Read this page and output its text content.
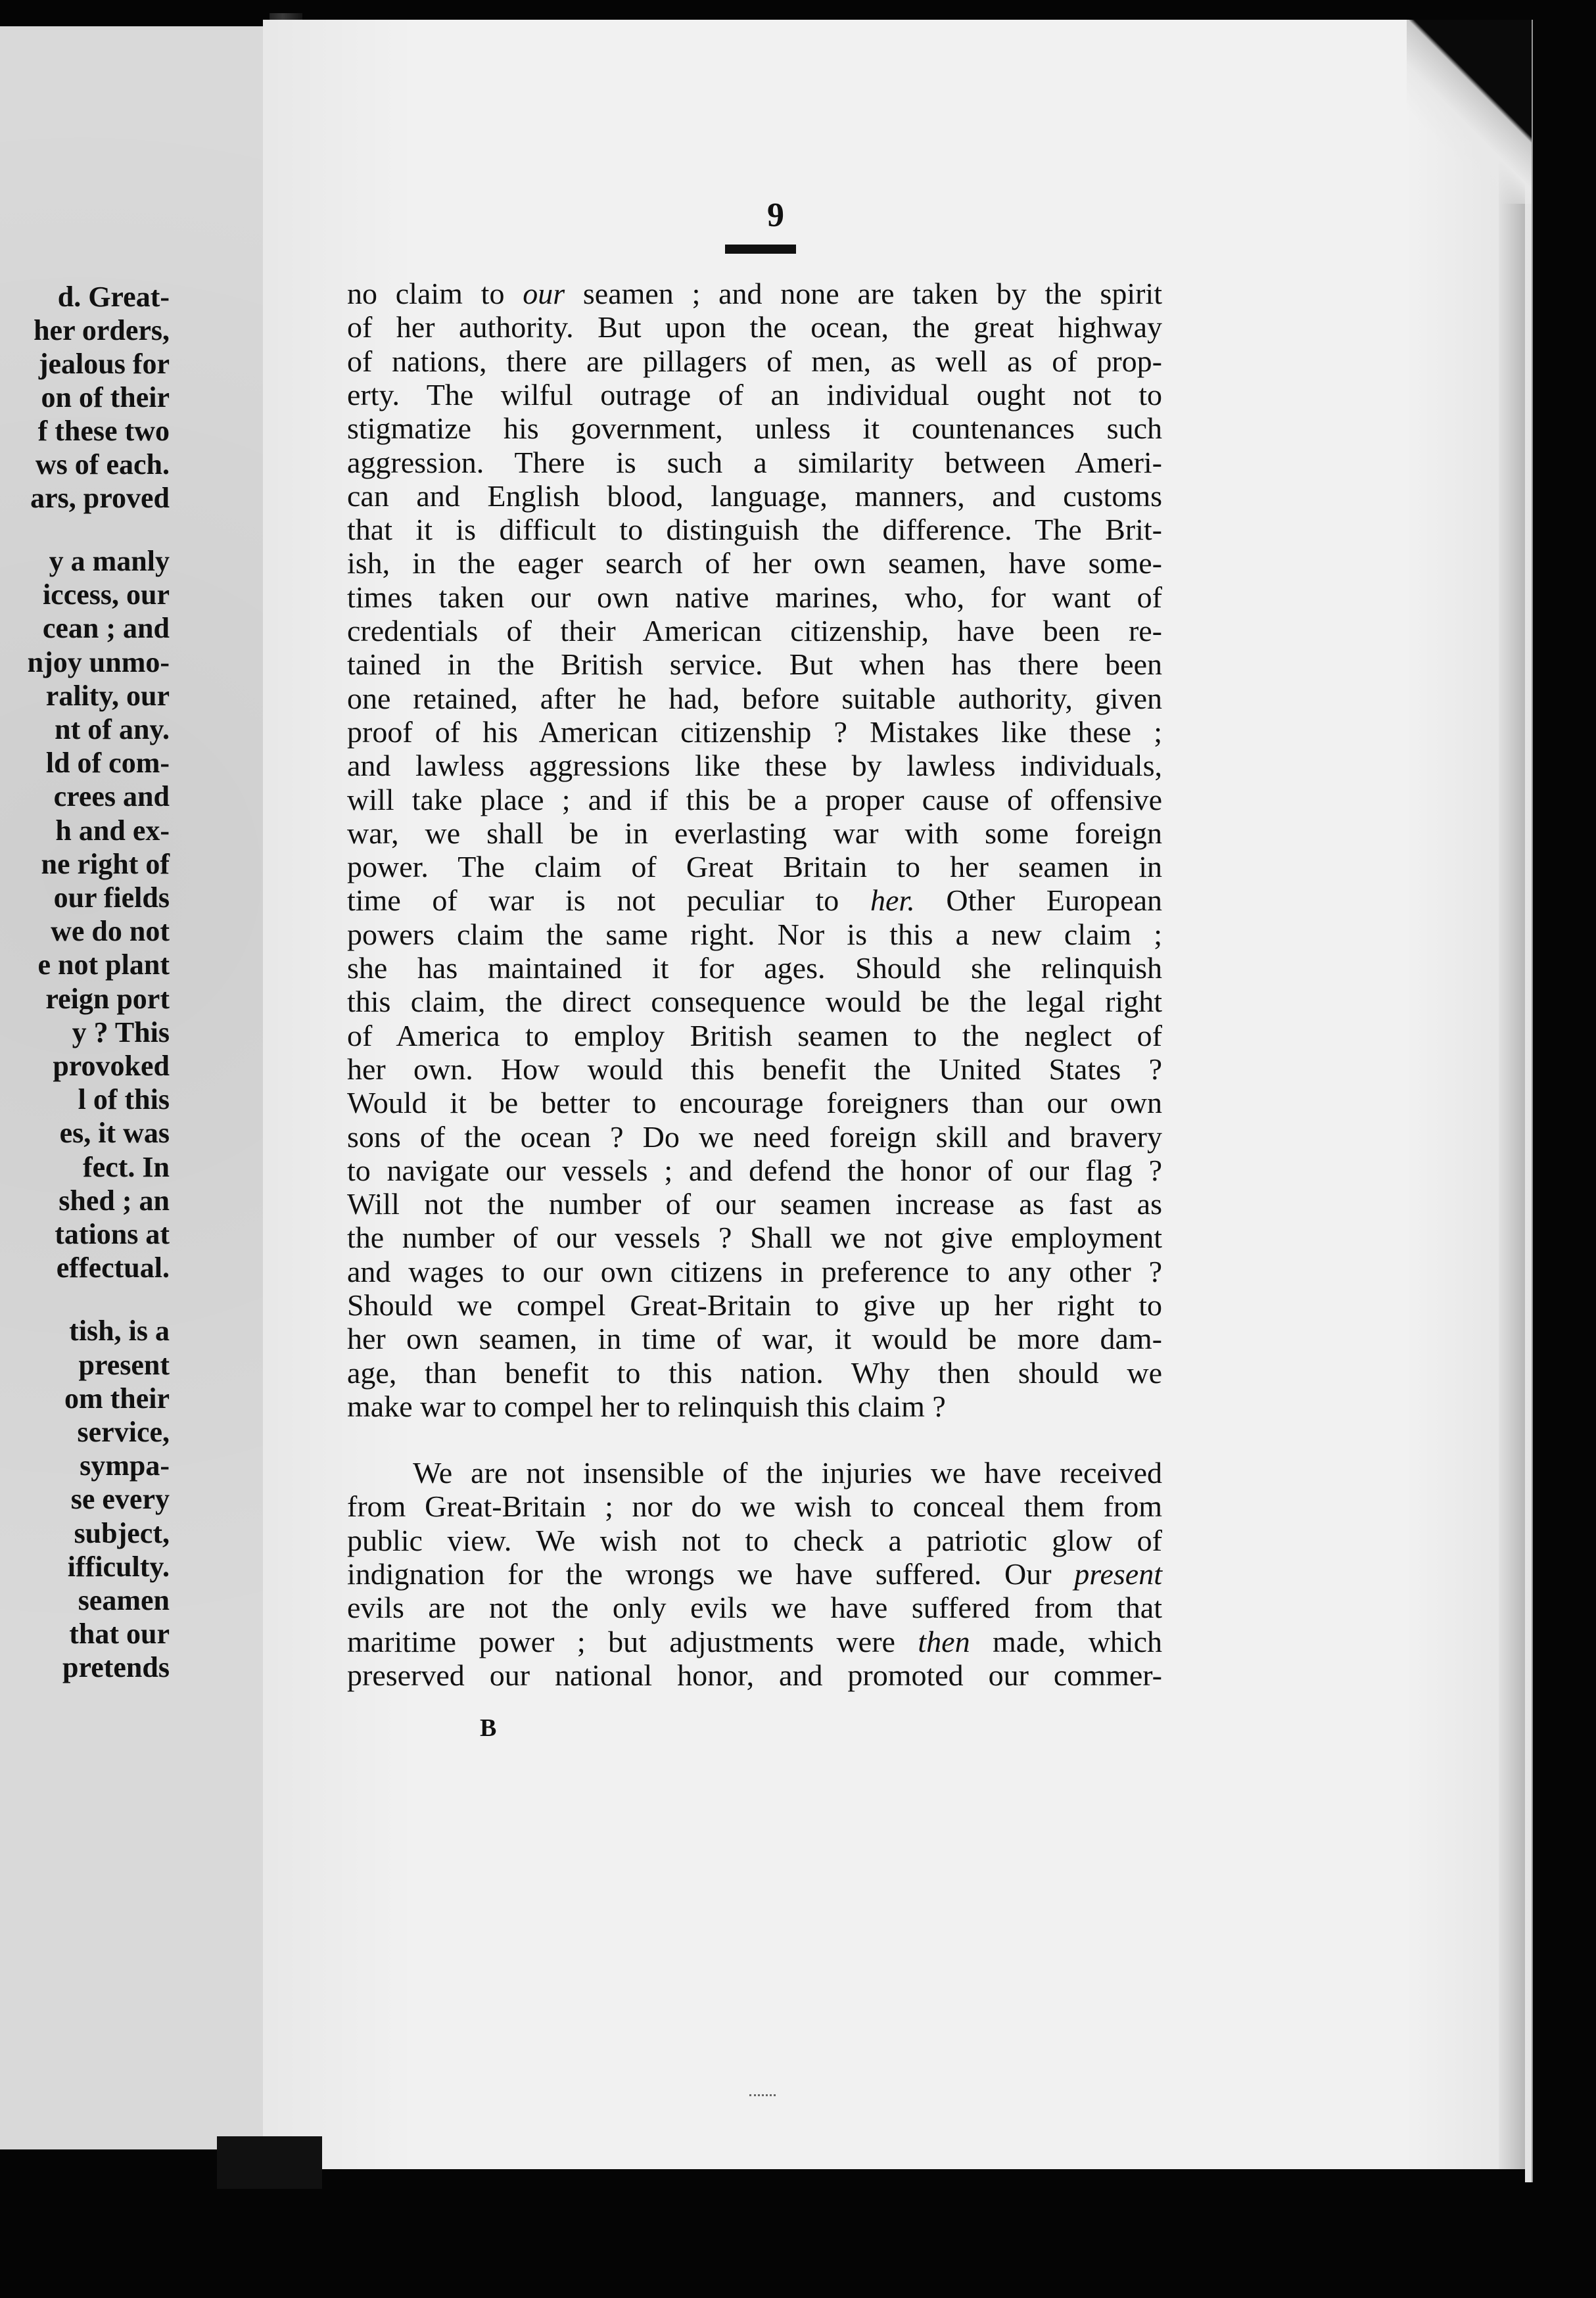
d. Great-
her orders,
jealous for
on of their
f these two
ws of each.
ars, proved
y a manly
iccess, our
cean ; and
njoy unmo-
rality, our
nt of any.
ld of com-
crees and
h and ex-
ne right of
our fields
we do not
e not plant
reign port
y ? This
provoked
l of this
es, it was
fect. In
shed ; an
tations at
effectual.
tish, is a
present
om their
service,
sympa-
se every
subject,
ifficulty.
seamen
that our
pretends
9
no claim to our seamen ; and none are taken by the spirit
of her authority. But upon the ocean, the great highway
of nations, there are pillagers of men, as well as of prop-
erty. The wilful outrage of an individual ought not to
stigmatize his government, unless it countenances such
aggression. There is such a similarity between Ameri-
can and English blood, language, manners, and customs
that it is difficult to distinguish the difference. The Brit-
ish, in the eager search of her own seamen, have some-
times taken our own native marines, who, for want of
credentials of their American citizenship, have been re-
tained in the British service. But when has there been
one retained, after he had, before suitable authority, given
proof of his American citizenship ? Mistakes like these ;
and lawless aggressions like these by lawless individuals,
will take place ; and if this be a proper cause of offensive
war, we shall be in everlasting war with some foreign
power. The claim of Great Britain to her seamen in
time of war is not peculiar to her. Other European
powers claim the same right. Nor is this a new claim ;
she has maintained it for ages. Should she relinquish
this claim, the direct consequence would be the legal right
of America to employ British seamen to the neglect of
her own. How would this benefit the United States ?
Would it be better to encourage foreigners than our own
sons of the ocean ? Do we need foreign skill and bravery
to navigate our vessels ; and defend the honor of our flag ?
Will not the number of our seamen increase as fast as
the number of our vessels ? Shall we not give employment
and wages to our own citizens in preference to any other ?
Should we compel Great-Britain to give up her right to
her own seamen, in time of war, it would be more dam-
age, than benefit to this nation. Why then should we
make war to compel her to relinquish this claim ?
We are not insensible of the injuries we have received
from Great-Britain ; nor do we wish to conceal them from
public view. We wish not to check a patriotic glow of
indignation for the wrongs we have suffered. Our present
evils are not the only evils we have suffered from that
maritime power ; but adjustments were then made, which
preserved our national honor, and promoted our commer-
B
